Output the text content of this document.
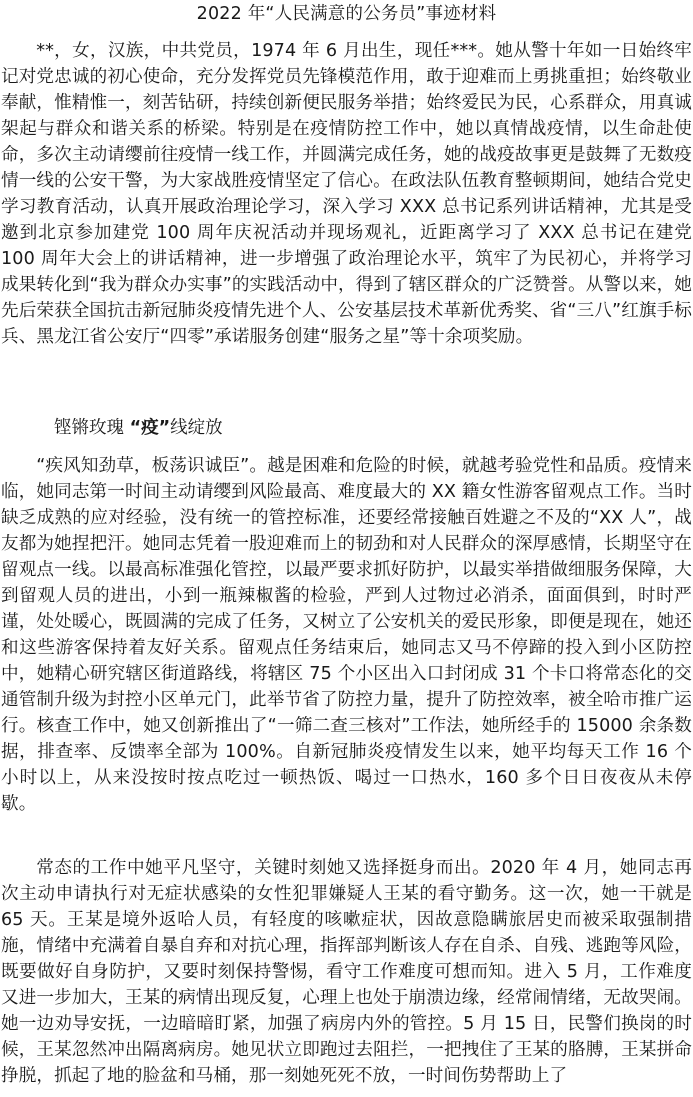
2022 年“人民满意的公务员”事迹材料

**，女，汉族，中共党员，1974 年 6 月出生，现任***。她从警十年如一日始终牢记对党忠诚的初心使命，充分发挥党员先锋模范作用，敢于迎难而上勇挑重担；始终敬业奉献，惟精惟一，刻苦钻研，持续创新便民服务举措；始终爱民为民，心系群众，用真诚架起与群众和谐关系的桥梁。特别是在疫情防控工作中，她以真情战疫情，以生命赴使命，多次主动请缨前往疫情一线工作，并圆满完成任务，她的战疫故事更是鼓舞了无数疫情一线的公安干警，为大家战胜疫情坚定了信心。在政法队伍教育整顿期间，她结合党史学习教育活动，认真开展政治理论学习，深入学习 XXX 总书记系列讲话精神，尤其是受邀到北京参加建党 100 周年庆祝活动并现场观礼，近距离学习了 XXX 总书记在建党 100 周年大会上的讲话精神，进一步增强了政治理论水平，筑牢了为民初心，并将学习成果转化到“我为群众办实事”的实践活动中，得到了辖区群众的广泛赞誉。从警以来，她先后荣获全国抗击新冠肺炎疫情先进个人、公安基层技术革新优秀奖、省“三八”红旗手标兵、黑龙江省公安厅“四零”承诺服务创建“服务之星”等十余项奖励。

铿锵玫瑰 “疫”线绽放

“疾风知劲草，板荡识诚臣”。越是困难和危险的时候，就越考验党性和品质。疫情来临，她同志第一时间主动请缨到风险最高、难度最大的 XX 籍女性游客留观点工作。当时缺乏成熟的应对经验，没有统一的管控标准，还要经常接触百姓避之不及的“XX 人”，战友都为她捏把汗。她同志凭着一股迎难而上的韧劲和对人民群众的深厚感情，长期坚守在留观点一线。以最高标准强化管控，以最严要求抓好防护，以最实举措做细服务保障，大到留观人员的进出，小到一瓶辣椒酱的检验，严到人过物过必消杀，面面俱到，时时严谨，处处暖心，既圆满的完成了任务，又树立了公安机关的爱民形象，即便是现在，她还和这些游客保持着友好关系。留观点任务结束后，她同志又马不停蹄的投入到小区防控中，她精心研究辖区街道路线，将辖区 75 个小区出入口封闭成 31 个卡口将常态化的交通管制升级为封控小区单元门，此举节省了防控力量，提升了防控效率，被全哈市推广运行。核查工作中，她又创新推出了“一筛二查三核对”工作法，她所经手的 15000 余条数据，排查率、反馈率全部为 100%。自新冠肺炎疫情发生以来，她平均每天工作 16 个小时以上，从来没按时按点吃过一顿热饭、喝过一口热水，160 多个日日夜夜从未停歇。

常态的工作中她平凡坚守，关键时刻她又选择挺身而出。2020 年 4 月，她同志再次主动申请执行对无症状感染的女性犯罪嫌疑人王某的看守勤务。这一次，她一干就是 65 天。王某是境外返哈人员，有轻度的咳嗽症状，因故意隐瞒旅居史而被采取强制措施，情绪中充满着自暴自弃和对抗心理，指挥部判断该人存在自杀、自残、逃跑等风险，既要做好自身防护，又要时刻保持警惕，看守工作难度可想而知。进入 5 月，工作难度又进一步加大，王某的病情出现反复，心理上也处于崩溃边缘，经常闹情绪，无故哭闹。她一边劝导安抚，一边暗暗盯紧，加强了病房内外的管控。5 月 15 日，民警们换岗的时候，王某忽然冲出隔离病房。她见状立即跑过去阻拦，一把拽住了王某的胳膊，王某拼命挣脱，抓起了地的脸盆和马桶，那一刻她死死不放，一时间伤势帮助上了
